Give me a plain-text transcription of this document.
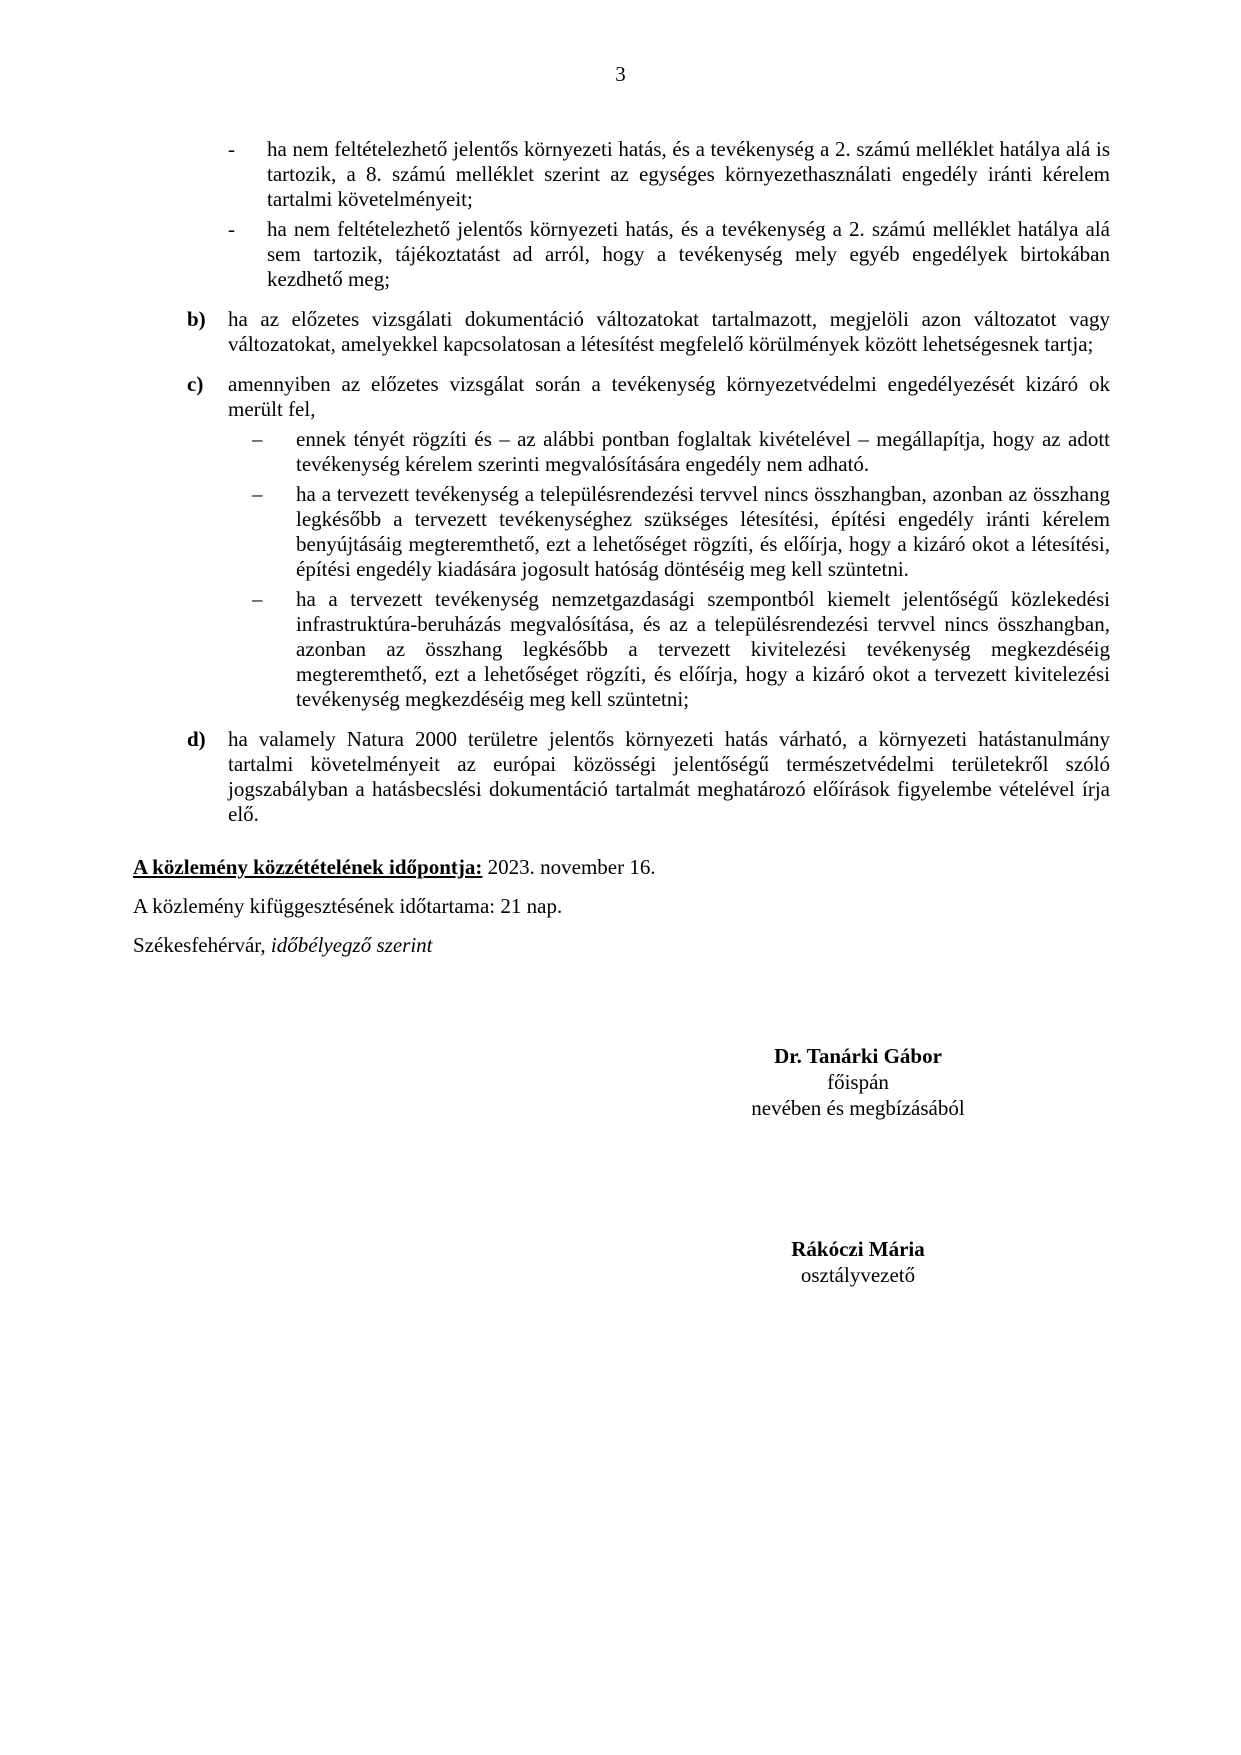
3
- ha nem feltételezhető jelentős környezeti hatás, és a tevékenység a 2. számú melléklet hatálya alá is tartozik, a 8. számú melléklet szerint az egységes környezethasználati engedély iránti kérelem tartalmi követelményeit;
- ha nem feltételezhető jelentős környezeti hatás, és a tevékenység a 2. számú melléklet hatálya alá sem tartozik, tájékoztatást ad arról, hogy a tevékenység mely egyéb engedélyek birtokában kezdhető meg;
b) ha az előzetes vizsgálati dokumentáció változatokat tartalmazott, megjelöli azon változatot vagy változatokat, amelyekkel kapcsolatosan a létesítést megfelelő körülmények között lehetségesnek tartja;
c) amennyiben az előzetes vizsgálat során a tevékenység környezetvédelmi engedélyezését kizáró ok merült fel,
– ennek tényét rögzíti és – az alábbi pontban foglaltak kivételével – megállapítja, hogy az adott tevékenység kérelem szerinti megvalósítására engedély nem adható.
– ha a tervezett tevékenység a településrendezési tervvel nincs összhangban, azonban az összhang legkésőbb a tervezett tevékenységhez szükséges létesítési, építési engedély iránti kérelem benyújtásáig megteremthető, ezt a lehetőséget rögzíti, és előírja, hogy a kizáró okot a létesítési, építési engedély kiadására jogosult hatóság döntéséig meg kell szüntetni.
– ha a tervezett tevékenység nemzetgazdasági szempontból kiemelt jelentőségű közlekedési infrastruktúra-beruházás megvalósítása, és az a településrendezési tervvel nincs összhangban, azonban az összhang legkésőbb a tervezett kivitelezési tevékenység megkezdéséig megteremthető, ezt a lehetőséget rögzíti, és előírja, hogy a kizáró okot a tervezett kivitelezési tevékenység megkezdéséig meg kell szüntetni;
d) ha valamely Natura 2000 területre jelentős környezeti hatás várható, a környezeti hatástanulmány tartalmi követelményeit az európai közösségi jelentőségű természetvédelmi területekről szóló jogszabályban a hatásbecslési dokumentáció tartalmát meghatározó előírások figyelembe vételével írja elő.
A közlemény közzétételének időpontja: 2023. november 16.
A közlemény kifüggesztésének időtartama: 21 nap.
Székesfehérvár, időbélyegző szerint
Dr. Tanárki Gábor
főispán
nevében és megbízásából
Rákóczi Mária
osztályvezető
